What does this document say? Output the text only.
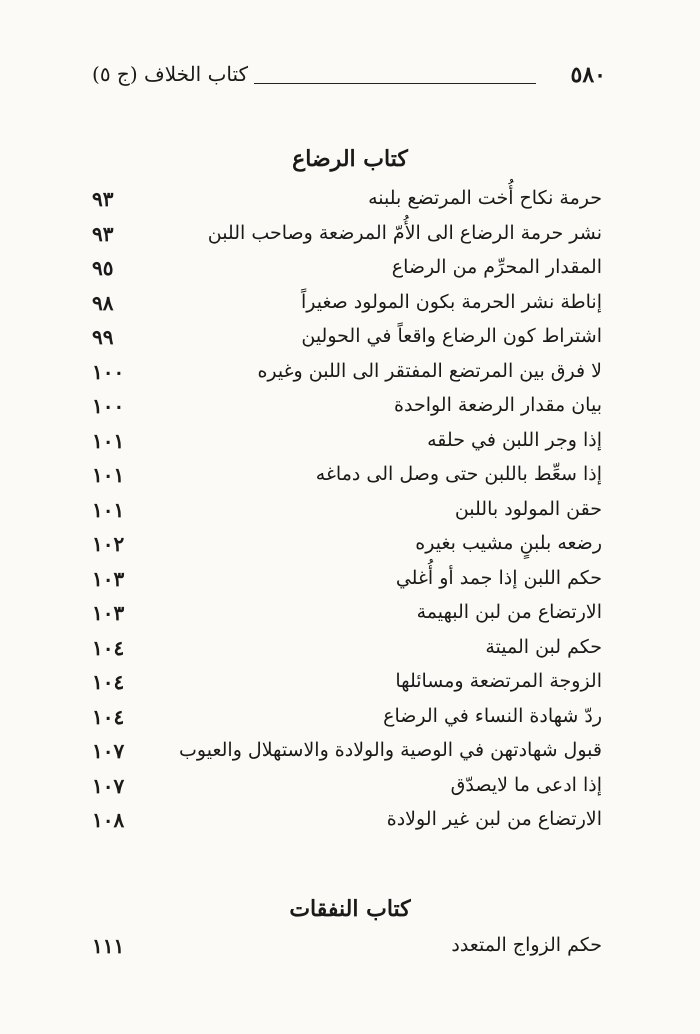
٥٨٠
كتاب الخلاف (ج ٥)
كتاب الرضاع
حرمة نكاح أُخت المرتضع بلبنه
٩٣
نشر حرمة الرضاع الى الأُمّ المرضعة وصاحب اللبن
٩٣
المقدار المحرِّم من الرضاع
٩٥
إناطة نشر الحرمة بكون المولود صغيراً
٩٨
اشتراط كون الرضاع واقعاً في الحولين
٩٩
لا فرق بين المرتضع المفتقر الى اللبن وغيره
١٠٠
بيان مقدار الرضعة الواحدة
١٠٠
إذا وجر اللبن في حلقه
١٠١
إذا سعِّط باللبن حتى وصل الى دماغه
١٠١
حقن المولود باللبن
١٠١
رضعه بلبنٍ مشيب بغيره
١٠٢
حكم اللبن إذا جمد أو أُغلي
١٠٣
الارتضاع من لبن البهيمة
١٠٣
حكم لبن الميتة
١٠٤
الزوجة المرتضعة ومسائلها
١٠٤
ردّ شهادة النساء في الرضاع
١٠٤
قبول شهادتهن في الوصية والولادة والاستهلال والعيوب
١٠٧
إذا ادعى ما لايصدّق
١٠٧
الارتضاع من لبن غير الولادة
١٠٨
كتاب النفقات
حكم الزواج المتعدد
١١١
